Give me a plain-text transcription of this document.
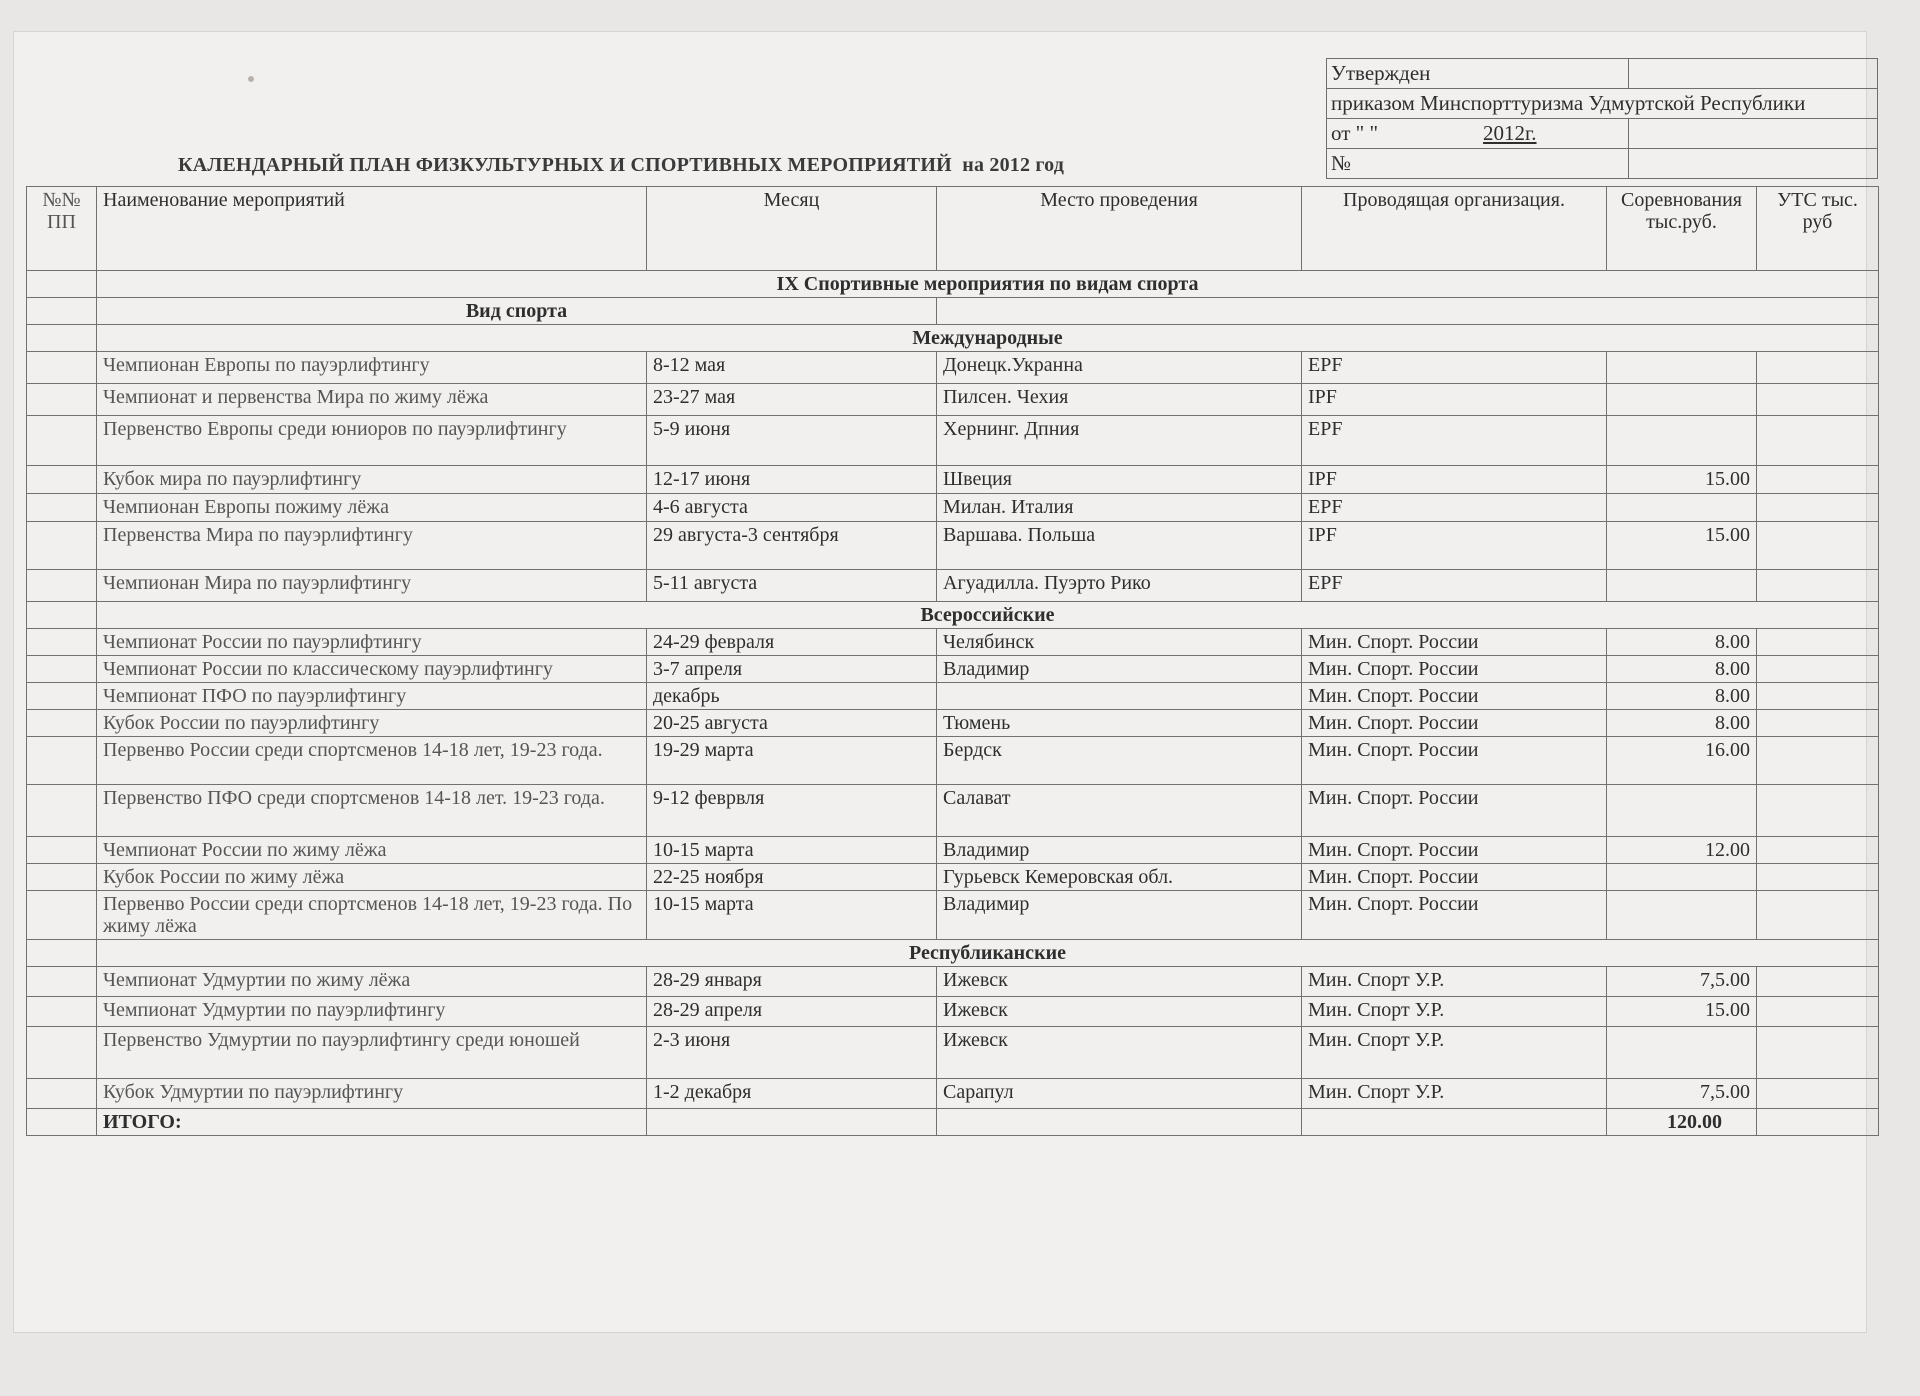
Утвержден	
приказом Минспорттуризма Удмуртской Республики	
от " " 2012г.	
№	
КАЛЕНДАРНЫЙ ПЛАН ФИЗКУЛЬТУРНЫХ И СПОРТИВНЫХ МЕРОПРИЯТИЙ на 2012 год
№№ ПП	Наименование мероприятий	Месяц	Место проведения	Проводящая организация.	Соревнования тыс.руб.	УТС тыс. руб
	IX Спортивные мероприятия по видам спорта					
	Вид спорта					
	Международные					
	Чемпионан Европы по пауэрлифтингу	8-12 мая	Донецк.Укранна	EPF		
	Чемпионат и первенства Мира по жиму лёжа	23-27 мая	Пилсен. Чехия	IPF		
	Первенство Европы среди юниоров по пауэрлифтингу	5-9 июня	Хернинг. Дпния	EPF		
	Кубок мира по пауэрлифтингу	12-17 июня	Швеция	IPF	15.00	
	Чемпионан Европы пожиму лёжа	4-6 августа	Милан. Италия	EPF		
	Первенства Мира по пауэрлифтингу	29 августа-3 сентября	Варшава. Польша	IPF	15.00	
	Чемпионан Мира по пауэрлифтингу	5-11 августа	Агуадилла. Пуэрто Рико	EPF		
	Всероссийские					
	Чемпионат России по пауэрлифтингу	24-29 февраля	Челябинск	Мин. Спорт. России	8.00	
	Чемпионат России по классическому пауэрлифтингу	3-7 апреля	Владимир	Мин. Спорт. России	8.00	
	Чемпионат ПФО по пауэрлифтингу	декабрь		Мин. Спорт. России	8.00	
	Кубок России по пауэрлифтингу	20-25 августа	Тюмень	Мин. Спорт. России	8.00	
	Первенво России среди спортсменов 14-18 лет, 19-23 года.	19-29 марта	Бердск	Мин. Спорт. России	16.00	
	Первенство ПФО среди спортсменов 14-18 лет. 19-23 года.	9-12 феврвля	Салават	Мин. Спорт. России		
	Чемпионат России по жиму лёжа	10-15 марта	Владимир	Мин. Спорт. России	12.00	
	Кубок России по жиму лёжа	22-25 ноября	Гурьевск Кемеровская обл.	Мин. Спорт. России		
	Первенво России среди спортсменов 14-18 лет, 19-23 года. По жиму лёжа	10-15 марта	Владимир	Мин. Спорт. России		
	Республиканские					
	Чемпионат Удмуртии по жиму лёжа	28-29 января	Ижевск	Мин. Спорт У.Р.	7,5.00	
	Чемпионат Удмуртии по пауэрлифтингу	28-29 апреля	Ижевск	Мин. Спорт У.Р.	15.00	
	Первенство Удмуртии по пауэрлифтингу среди юношей	2-3 июня	Ижевск	Мин. Спорт У.Р.		
	Кубок Удмуртии по пауэрлифтингу	1-2 декабря	Сарапул	Мин. Спорт У.Р.	7,5.00	
	ИТОГО:				120.00	
